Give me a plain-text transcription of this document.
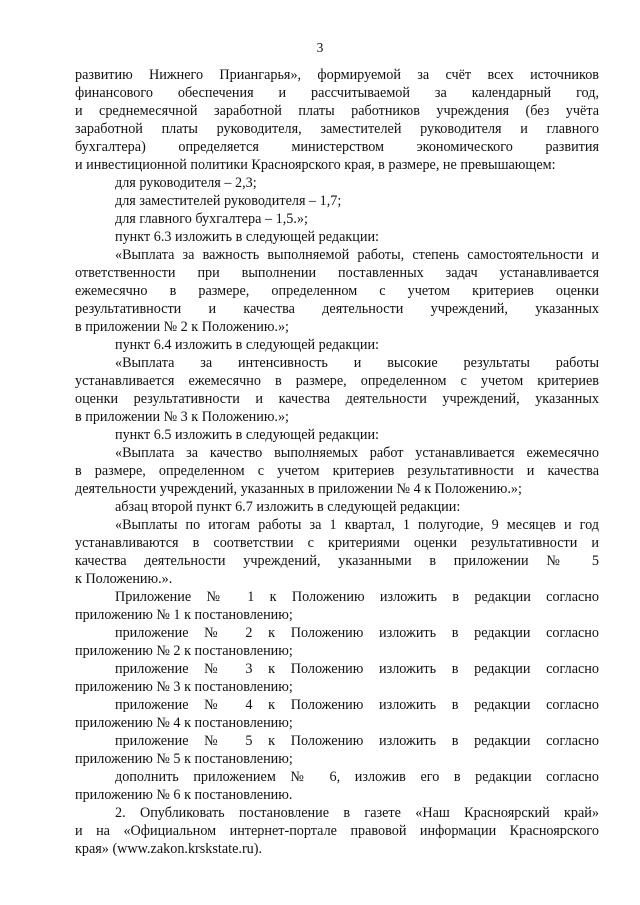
3
развитию Нижнего Приангарья», формируемой за счёт всех источников
финансового обеспечения и рассчитываемой за календарный год,
и среднемесячной заработной платы работников учреждения (без учёта
заработной платы руководителя, заместителей руководителя и главного
бухгалтера) определяется министерством экономического развития
и инвестиционной политики Красноярского края, в размере, не превышающем:
для руководителя – 2,3;
для заместителей руководителя – 1,7;
для главного бухгалтера – 1,5.»;
пункт 6.3 изложить в следующей редакции:
«Выплата за важность выполняемой работы, степень самостоятельности и
ответственности при выполнении поставленных задач устанавливается
ежемесячно в размере, определенном с учетом критериев оценки
результативности и качества деятельности учреждений, указанных
в приложении № 2 к Положению.»;
пункт 6.4 изложить в следующей редакции:
«Выплата за интенсивность и высокие результаты работы
устанавливается ежемесячно в размере, определенном с учетом критериев
оценки результативности и качества деятельности учреждений, указанных
в приложении № 3 к Положению.»;
пункт 6.5 изложить в следующей редакции:
«Выплата за качество выполняемых работ устанавливается ежемесячно
в размере, определенном с учетом критериев результативности и качества
деятельности учреждений, указанных в приложении № 4 к Положению.»;
абзац второй пункт 6.7 изложить в следующей редакции:
«Выплаты по итогам работы за 1 квартал, 1 полугодие, 9 месяцев и год
устанавливаются в соответствии с критериями оценки результативности и
качества деятельности учреждений, указанными в приложении № 5
к Положению.».
Приложение № 1 к Положению изложить в редакции согласно
приложению № 1 к постановлению;
приложение № 2 к Положению изложить в редакции согласно
приложению № 2 к постановлению;
приложение № 3 к Положению изложить в редакции согласно
приложению № 3 к постановлению;
приложение № 4 к Положению изложить в редакции согласно
приложению № 4 к постановлению;
приложение № 5 к Положению изложить в редакции согласно
приложению № 5 к постановлению;
дополнить приложением № 6, изложив его в редакции согласно
приложению № 6 к постановлению.
2. Опубликовать постановление в газете «Наш Красноярский край»
и на «Официальном интернет-портале правовой информации Красноярского
края» (www.zakon.krskstate.ru).
